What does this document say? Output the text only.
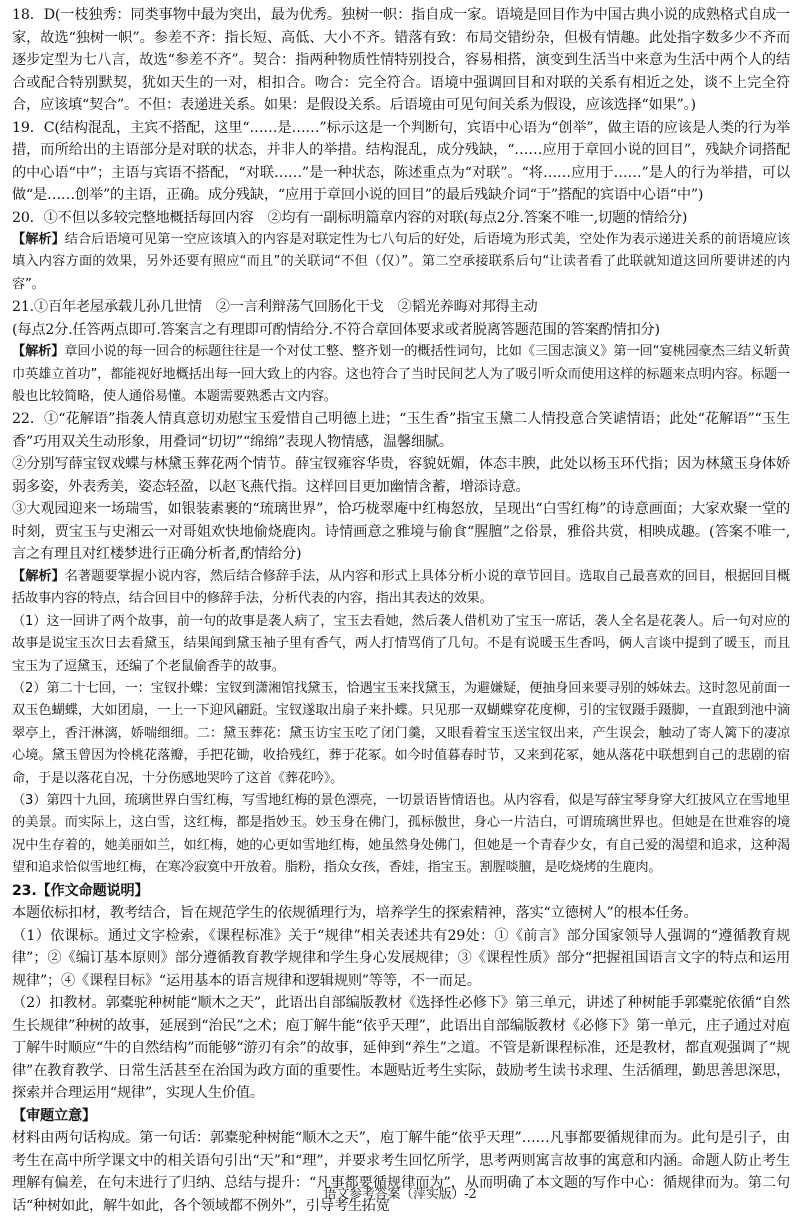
18．D(一枝独秀：同类事物中最为突出，最为优秀。独树一帜：指自成一家。语境是回目作为中国古典小说的成熟格式自成一家，故选“独树一帜”。参差不齐：指长短、高低、大小不齐。错落有致：布局交错纷杂，但极有情趣。此处指字数多少不齐而逐步定型为七八言，故选“参差不齐”。契合：指两种物质性情特别投合，容易相搭，演变到生活当中来意为生活中两个人的结合或配合特别默契，犹如天生的一对，相扣合。吻合：完全符合。语境中强调回目和对联的关系有相近之处，谈不上完全符合，应该填“契合”。不但：表递进关系。如果：是假设关系。后语境由可见句间关系为假设，应该选择“如果”。)

19．C(结构混乱，主宾不搭配，这里“……是……”标示这是一个判断句，宾语中心语为“创举”，做主语的应该是人类的行为举措，而所给出的主语部分是对联的状态，并非人的举措。结构混乱，成分残缺，“……应用于章回小说的回目”，残缺介词搭配的中心语“中”；主语与宾语不搭配，“对联……”是一种状态，陈述重点为“对联”。“将……应用于……”是人的行为举措，可以做“是……创举”的主语，正确。成分残缺，“应用于章回小说的回目”的最后残缺介词“于”搭配的宾语中心语“中”)

20．①不但以多较完整地概括每回内容　②均有一副标明篇章内容的对联(每点2分.答案不唯一,切题的情给分)

【解析】结合后语境可见第一空应该填入的内容是对联定性为七八句后的好处，后语境为形式美，空处作为表示递进关系的前语境应该填入内容方面的效果，另外还要有照应“而且”的关联词“不但（仅）”。第二空承接联系后句“让读者看了此联就知道这回所要讲述的内容”。

21.①百年老屋承载儿孙几世情　②一言利辩荡气回肠化干戈　②韬光养晦对邦得主动

(每点2分.任答两点即可.答案言之有理即可酌情给分.不符合章回体要求或者脱离答题范围的答案酌情扣分)

【解析】章回小说的每一回合的标题往往是一个对仗工整、整齐划一的概括性词句，比如《三国志演义》第一回“宴桃园豪杰三结义斩黄巾英雄立首功”，都能视好地概括出每一回大致上的内容。这也符合了当时民间艺人为了吸引听众而使用这样的标题来点明内容。标题一般也比较简略，使人通俗易懂。本题需要熟悉古文内容。

22．①“花解语”指袭人情真意切劝慰宝玉爱惜自己明德上进；“玉生香”指宝玉黛二人情投意合笑谑情语；此处“花解语”“玉生香”巧用双关生动形象，用叠词“切切”“绵绵”表现人物情感，温馨细腻。

②分别写薛宝钗戏蝶与林黛玉葬花两个情节。薛宝钗雍容华贵，容貌妩媚，体态丰腴，此处以杨玉环代指；因为林黛玉身体娇弱多姿，外表秀美，姿态轻盈，以赵飞燕代指。这样回目更加幽情含蓄，增添诗意。

③大观园迎来一场瑞雪，如银装素裹的“琉璃世界”，恰巧栊翠庵中红梅怒放，呈现出“白雪红梅”的诗意画面；大家欢聚一堂的时刻，贾宝玉与史湘云一对哥姐欢快地偷烧鹿肉。诗情画意之雅境与偷食“腥膻”之俗景，雅俗共赏，相映成趣。(答案不唯一,言之有理且对红楼梦进行正确分析者,酌情给分)

【解析】名著题要掌握小说内容，然后结合修辞手法，从内容和形式上具体分析小说的章节回目。选取自己最喜欢的回目，根据回目概括故事内容的特点，结合回目中的修辞手法，分析代表的内容，指出其表达的效果。

（1）这一回讲了两个故事，前一句的故事是袭人病了，宝玉去看她，然后袭人借机劝了宝玉一席话，袭人全名是花袭人。后一句对应的故事是说宝玉次日去看黛玉，结果闻到黛玉袖子里有香气，两人打情骂俏了几句。不是有说暖玉生香吗，俩人言谈中提到了暖玉，而且宝玉为了逗黛玉，还编了个老鼠偷香芋的故事。

（2）第二十七回，一：宝钗扑蝶：宝钗到潇湘馆找黛玉，恰遇宝玉来找黛玉，为避嫌疑，便抽身回来要寻别的姊妹去。这时忽见前面一双玉色蝴蝶，大如团扇，一上一下迎风翩跹。宝钗遂取出扇子来扑蝶。只见那一双蝴蝶穿花度柳，引的宝钗蹑手蹑脚，一直跟到池中滴翠亭上，香汗淋漓，娇喘细细。二：黛玉葬花：黛玉访宝玉吃了闭门羹，又眼看着宝玉送宝钗出来，产生误会，触动了寄人篱下的凄凉心境。黛玉曾因为怜桃花落瓣，手把花锄，收拾残红，葬于花冢。如今时值暮春时节，又来到花冢，她从落花中联想到自己的悲剧的宿命，于是以落花自况，十分伤感地哭吟了这首《葬花吟》。

（3）第四十九回，琉璃世界白雪红梅，写雪地红梅的景色漂亮，一切景语皆情语也。从内容看，似是写薛宝琴身穿大红披风立在雪地里的美景。而实际上，这白雪，这红梅，都是指妙玉。妙玉身在佛门，孤标傲世，身心一片洁白，可谓琉璃世界也。但她是在世难容的境况中生存着的，她美丽如兰，如红梅，她的心更如雪地红梅，她虽然身处佛门，但她是一个青春少女，有自己爱的渴望和追求，这种渴望和追求恰似雪地红梅，在寒冷寂寞中开放着。脂粉，指众女孩，香娃，指宝玉。割腥啖膻，是吃烧烤的生鹿肉。

23.【作文命题说明】

本题依标扣材，教考结合，旨在规范学生的依规循理行为，培养学生的探索精神，落实“立德树人”的根本任务。

（1）依课标。通过文字检索，《课程标准》关于“规律”相关表述共有29处：①《前言》部分国家领导人强调的“遵循教育规律”；②《编订基本原则》部分遵循教育教学规律和学生身心发展规律；③《课程性质》部分“把握祖国语言文字的特点和运用规律”；④《课程目标》“运用基本的语言规律和逻辑规则”等等，不一而足。

（2）扣教材。郭橐驼种树能“顺木之天”，此语出自部编版教材《选择性必修下》第三单元，讲述了种树能手郭橐驼依循“自然生长规律”种树的故事，延展到“治民”之术；庖丁解牛能“依乎天理”，此语出自部编版教材《必修下》第一单元，庄子通过对庖丁解牛时顺应“牛的自然结构”而能够“游刃有余”的故事，延伸到“养生”之道。不管是新课程标准，还是教材，都直观强调了“规律”在教育教学、日常生活甚至在治国为政方面的重要性。本题贴近考生实际，鼓励考生读书求理、生活循理，勤思善思深思，探索并合理运用“规律”，实现人生价值。

【审题立意】

材料由两句话构成。第一句话：郭橐驼种树能“顺木之天”，庖丁解牛能“依乎天理”……凡事都要循规律而为。此句是引子，由考生在高中所学课文中的相关语句引出“天”和“理”，并要求考生回忆所学，思考两则寓言故事的寓意和内涵。命题人防止考生理解有偏差，在句末进行了归纳、总结与提升：“凡事都要循规律而为”，从而明确了本文题的写作中心：循规律而为。第二句话“种树如此，解牛如此，各个领域都不例外”，引导考生拓宽

语文参考答案（萍实版）-2
